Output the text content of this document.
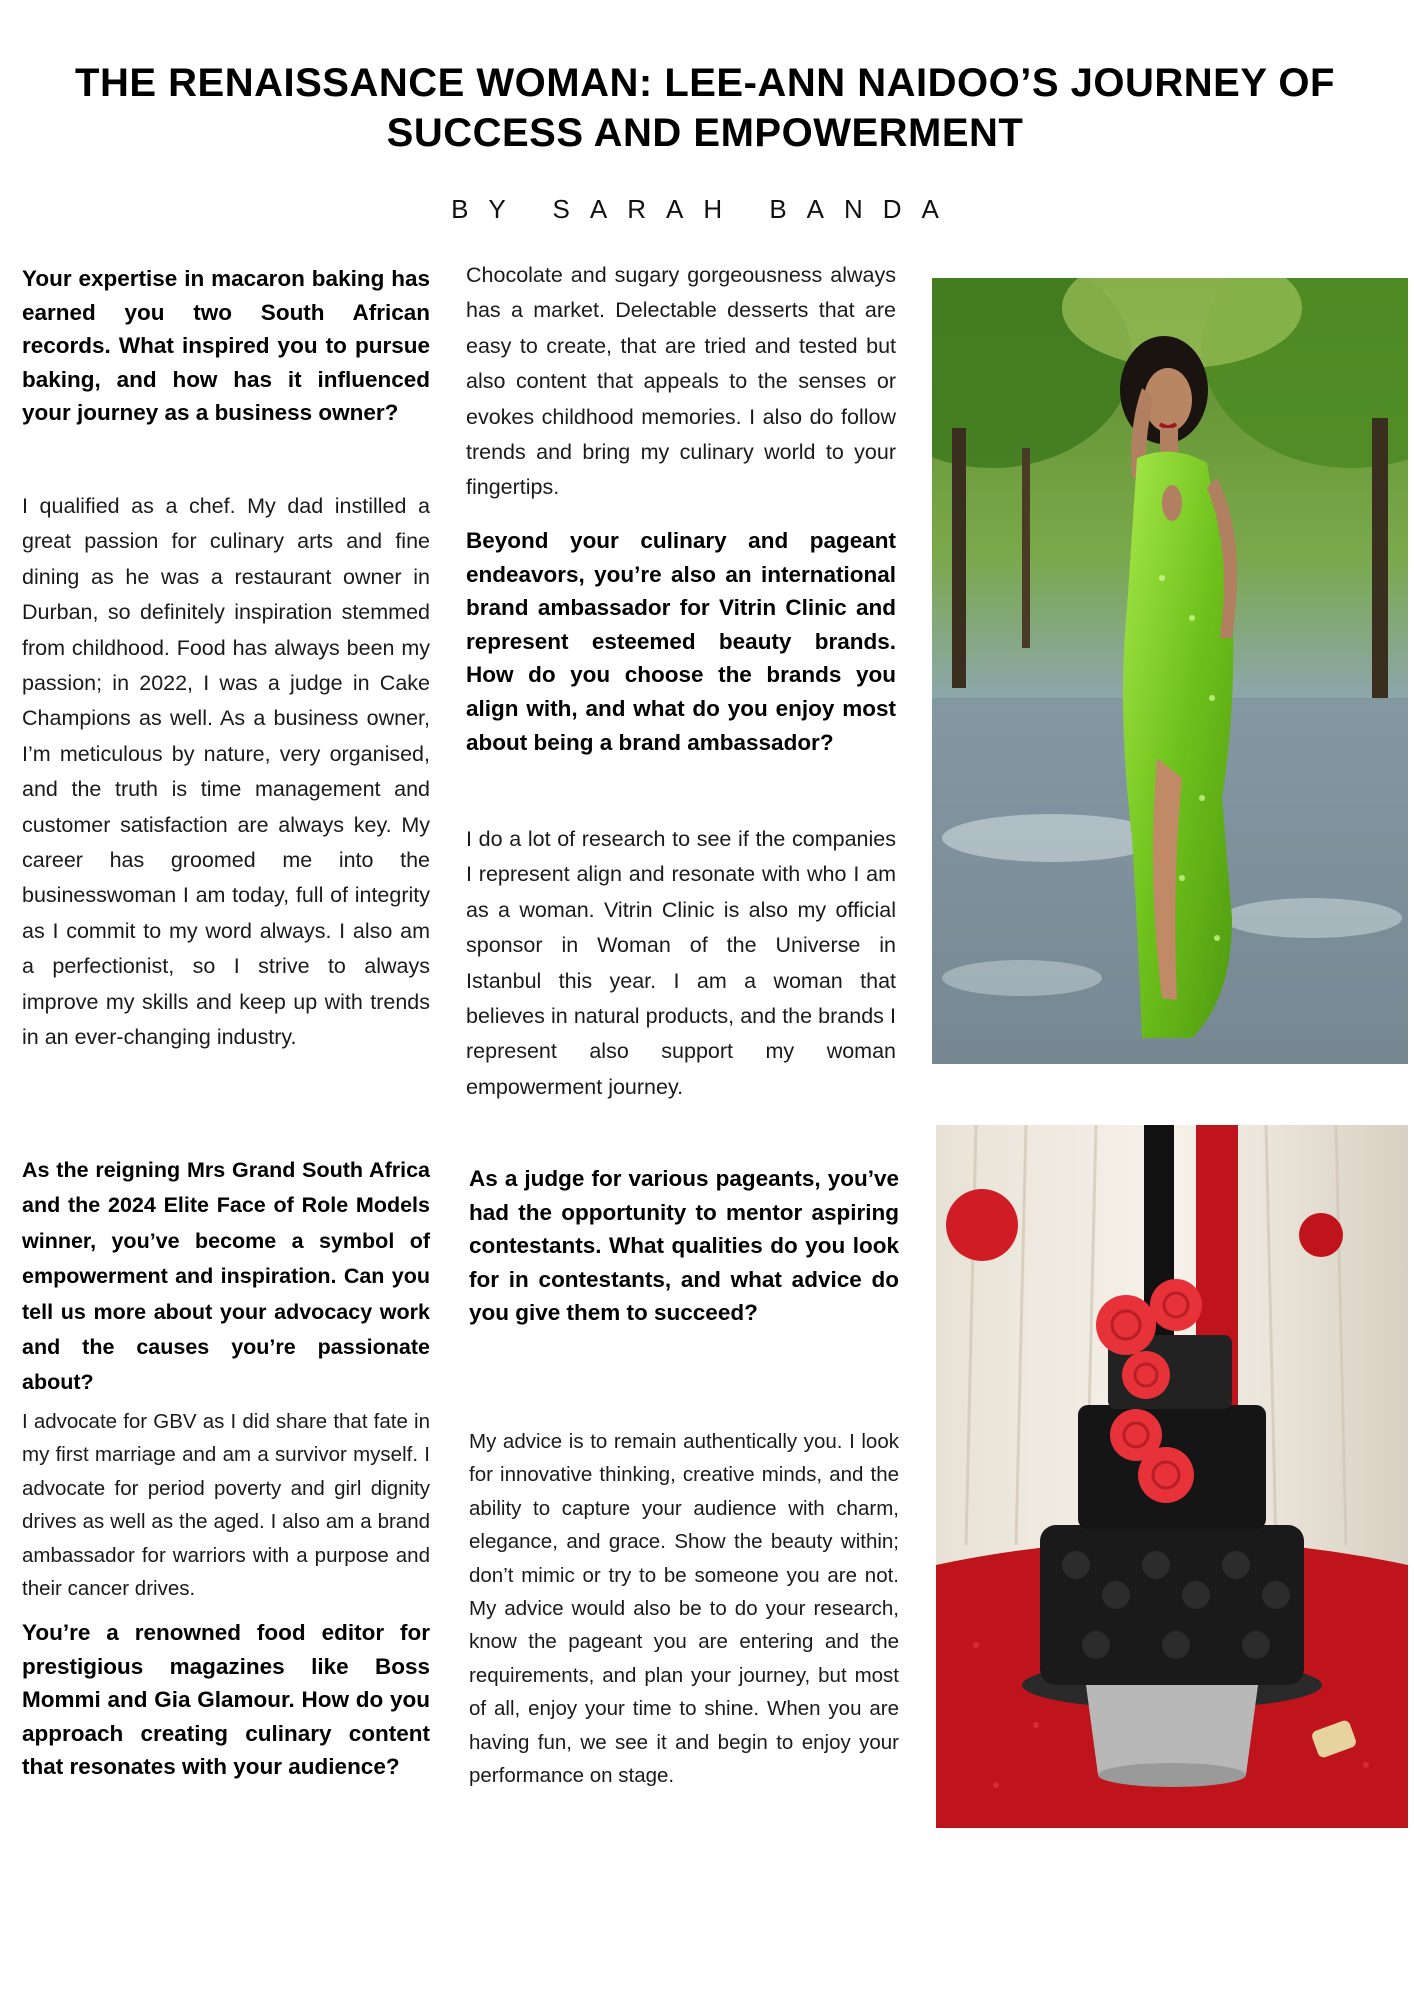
THE RENAISSANCE WOMAN: LEE-ANN NAIDOO’S JOURNEY OF SUCCESS AND EMPOWERMENT

BY SARAH BANDA

Your expertise in macaron baking has earned you two South African records. What inspired you to pursue baking, and how has it influenced your journey as a business owner?

I qualified as a chef. My dad instilled a great passion for culinary arts and fine dining as he was a restaurant owner in Durban, so definitely inspiration stemmed from childhood. Food has always been my passion; in 2022, I was a judge in Cake Champions as well. As a business owner, I’m meticulous by nature, very organised, and the truth is time management and customer satisfaction are always key. My career has groomed me into the businesswoman I am today, full of integrity as I commit to my word always. I also am a perfectionist, so I strive to always improve my skills and keep up with trends in an ever-changing industry.

As the reigning Mrs Grand South Africa and the 2024 Elite Face of Role Models winner, you’ve become a symbol of empowerment and inspiration. Can you tell us more about your advocacy work and the causes you’re passionate about?

I advocate for GBV as I did share that fate in my first marriage and am a survivor myself. I advocate for period poverty and girl dignity drives as well as the aged. I also am a brand ambassador for warriors with a purpose and their cancer drives.

You’re a renowned food editor for prestigious magazines like Boss Mommi and Gia Glamour. How do you approach creating culinary content that resonates with your audience?

Chocolate and sugary gorgeousness always has a market. Delectable desserts that are easy to create, that are tried and tested but also content that appeals to the senses or evokes childhood memories. I also do follow trends and bring my culinary world to your fingertips.

Beyond your culinary and pageant endeavors, you’re also an international brand ambassador for Vitrin Clinic and represent esteemed beauty brands. How do you choose the brands you align with, and what do you enjoy most about being a brand ambassador?

I do a lot of research to see if the companies I represent align and resonate with who I am as a woman. Vitrin Clinic is also my official sponsor in Woman of the Universe in Istanbul this year. I am a woman that believes in natural products, and the brands I represent also support my woman empowerment journey.

As a judge for various pageants, you’ve had the opportunity to mentor aspiring contestants. What qualities do you look for in contestants, and what advice do you give them to succeed?

My advice is to remain authentically you. I look for innovative thinking, creative minds, and the ability to capture your audience with charm, elegance, and grace. Show the beauty within; don’t mimic or try to be someone you are not. My advice would also be to do your research, know the pageant you are entering and the requirements, and plan your journey, but most of all, enjoy your time to shine. When you are having fun, we see it and begin to enjoy your performance on stage.
